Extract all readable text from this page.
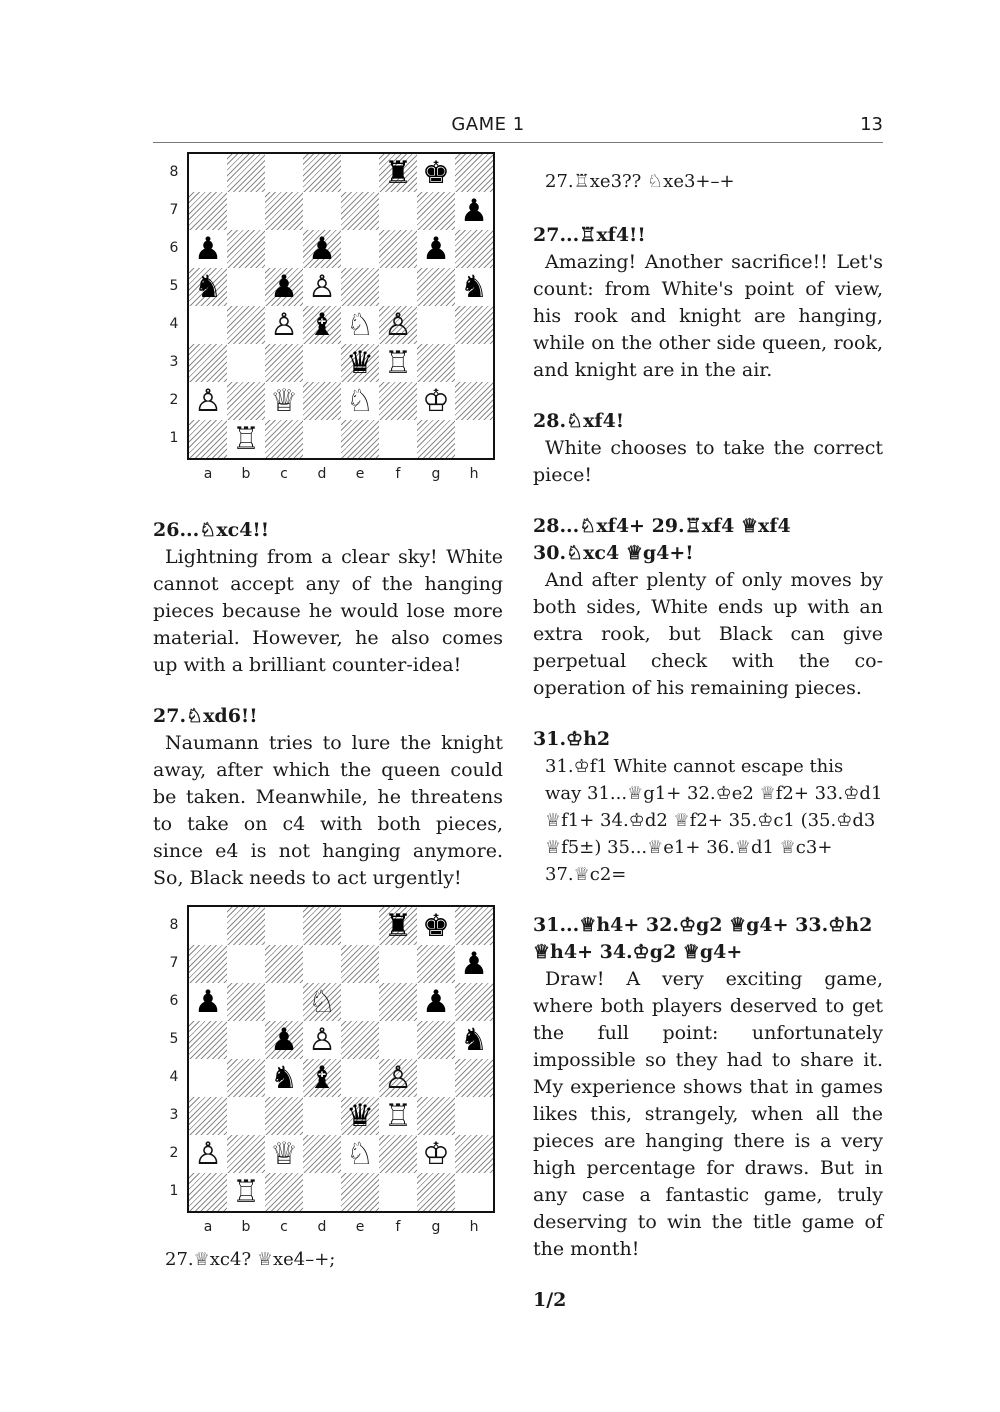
GAME 1	13
♜ ♚
♟
♟	♟	♟
♞ ♟ ♙	♞
♙ ♝ ♘ ♙
♛ ♖
♙ ♕ ♘ ♔
♖
8
7
6
5
4
3
2
1
a	b	c	d	e	f	g	h
♜ ♚
♟
♟	♘	♟
♟ ♙	♞
♞ ♝ ♙
♛ ♖
♙ ♕ ♘ ♔
♖
8
7
6
5
4
3
2
1
a	b	c	d	e	f	g	h

26...♘xc4!!

Lightning from a clear sky! White cannot accept any of the hanging pieces because he would lose more material. However, he also comes up with a brilliant counter-idea!

27.♘xd6!!

Naumann tries to lure the knight away, after which the queen could be taken. Meanwhile, he threatens to take on c4 with both pieces, since e4 is not hanging anymore. So, Black needs to act urgently!

27.♕xc4? ♕xe4–+;
27.♖xe3?? ♘xe3+–+

27...♖xf4!!

Amazing! Another sacrifice!! Let's count: from White's point of view, his rook and knight are hanging, while on the other side queen, rook, and knight are in the air.

28.♘xf4!

White chooses to take the correct piece!

28...♘xf4+ 29.♖xf4 ♕xf4 30.♘xc4 ♕g4+!

And after plenty of only moves by both sides, White ends up with an extra rook, but Black can give perpetual check with the co-operation of his remaining pieces.

31.♔h2

31.♔f1 White cannot escape this way 31...♕g1+ 32.♔e2 ♕f2+ 33.♔d1 ♕f1+ 34.♔d2 ♕f2+ 35.♔c1 (35.♔d3 ♕f5±) 35...♕e1+ 36.♕d1 ♕c3+ 37.♕c2=

31...♕h4+ 32.♔g2 ♕g4+ 33.♔h2 ♕h4+ 34.♔g2 ♕g4+

Draw! A very exciting game, where both players deserved to get the full point: unfortunately impossible so they had to share it. My experience shows that in games likes this, strangely, when all the pieces are hanging there is a very high percentage for draws. But in any case a fantastic game, truly deserving to win the title game of the month!

1/2
